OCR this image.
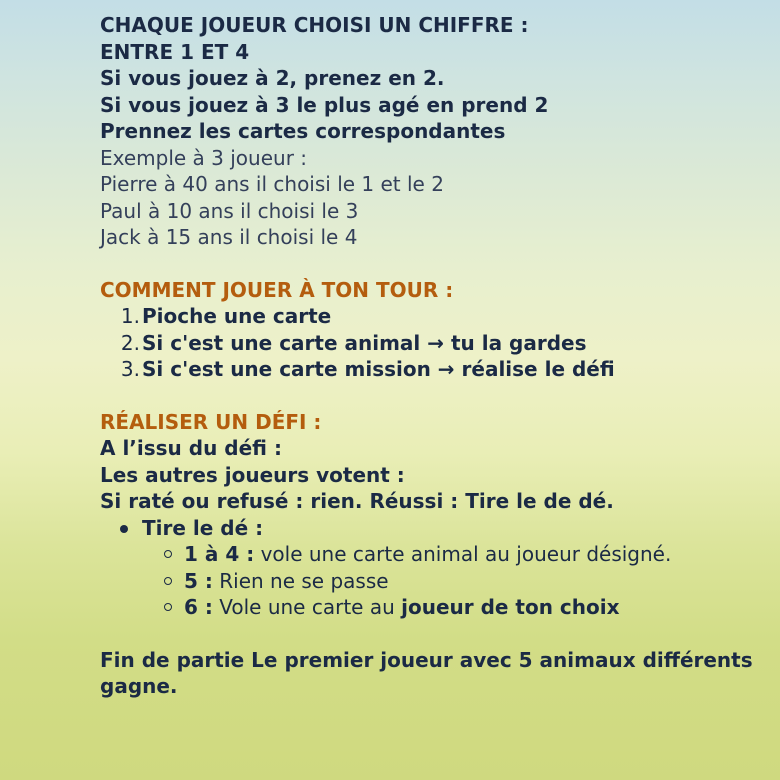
CHAQUE JOUEUR CHOISI UN CHIFFRE :
ENTRE 1 ET 4
Si vous jouez à 2, prenez en 2.
Si vous jouez à 3 le plus agé en prend 2
Prennez les cartes correspondantes
Exemple à 3 joueur :
Pierre à 40 ans il choisi le 1 et le 2
Paul à 10 ans il choisi le 3
Jack à 15 ans il choisi le 4
COMMENT JOUER À TON TOUR :
1. Pioche une carte
2. Si c'est une carte animal → tu la gardes
3. Si c'est une carte mission → réalise le défi
RÉALISER UN DÉFI :
A l’issu du défi :
Les autres joueurs votent :
Si raté ou refusé : rien. Réussi : Tire le de dé.
Tire le dé :
1 à 4 : vole une carte animal au joueur désigné.
5 : Rien ne se passe
6 : Vole une carte au joueur de ton choix
Fin de partie Le premier joueur avec 5 animaux différents gagne.
